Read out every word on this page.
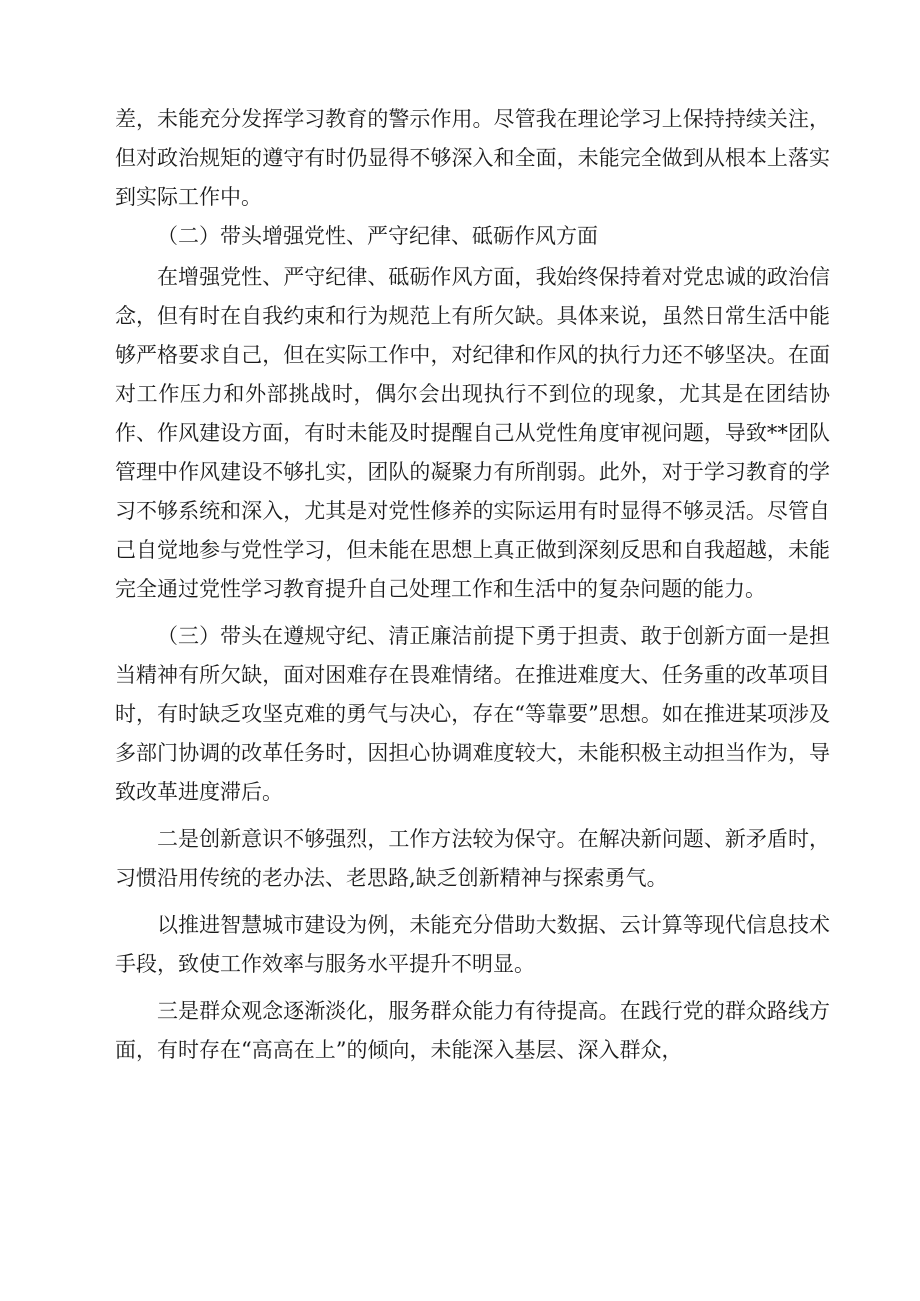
差，未能充分发挥学习教育的警示作用。尽管我在理论学习上保持持续关注，但对政治规矩的遵守有时仍显得不够深入和全面，未能完全做到从根本上落实到实际工作中。

（二）带头增强党性、严守纪律、砥砺作风方面

在增强党性、严守纪律、砥砺作风方面，我始终保持着对党忠诚的政治信念，但有时在自我约束和行为规范上有所欠缺。具体来说，虽然日常生活中能够严格要求自己，但在实际工作中，对纪律和作风的执行力还不够坚决。在面对工作压力和外部挑战时，偶尔会出现执行不到位的现象，尤其是在团结协作、作风建设方面，有时未能及时提醒自己从党性角度审视问题，导致**团队管理中作风建设不够扎实，团队的凝聚力有所削弱。此外，对于学习教育的学习不够系统和深入，尤其是对党性修养的实际运用有时显得不够灵活。尽管自己自觉地参与党性学习，但未能在思想上真正做到深刻反思和自我超越，未能完全通过党性学习教育提升自己处理工作和生活中的复杂问题的能力。

（三）带头在遵规守纪、清正廉洁前提下勇于担责、敢于创新方面一是担当精神有所欠缺，面对困难存在畏难情绪。在推进难度大、任务重的改革项目时，有时缺乏攻坚克难的勇气与决心，存在“等靠要”思想。如在推进某项涉及多部门协调的改革任务时，因担心协调难度较大，未能积极主动担当作为，导致改革进度滞后。

二是创新意识不够强烈，工作方法较为保守。在解决新问题、新矛盾时，习惯沿用传统的老办法、老思路,缺乏创新精神与探索勇气。

以推进智慧城市建设为例，未能充分借助大数据、云计算等现代信息技术手段，致使工作效率与服务水平提升不明显。

三是群众观念逐渐淡化，服务群众能力有待提高。在践行党的群众路线方面，有时存在“高高在上”的倾向，未能深入基层、深入群众，
